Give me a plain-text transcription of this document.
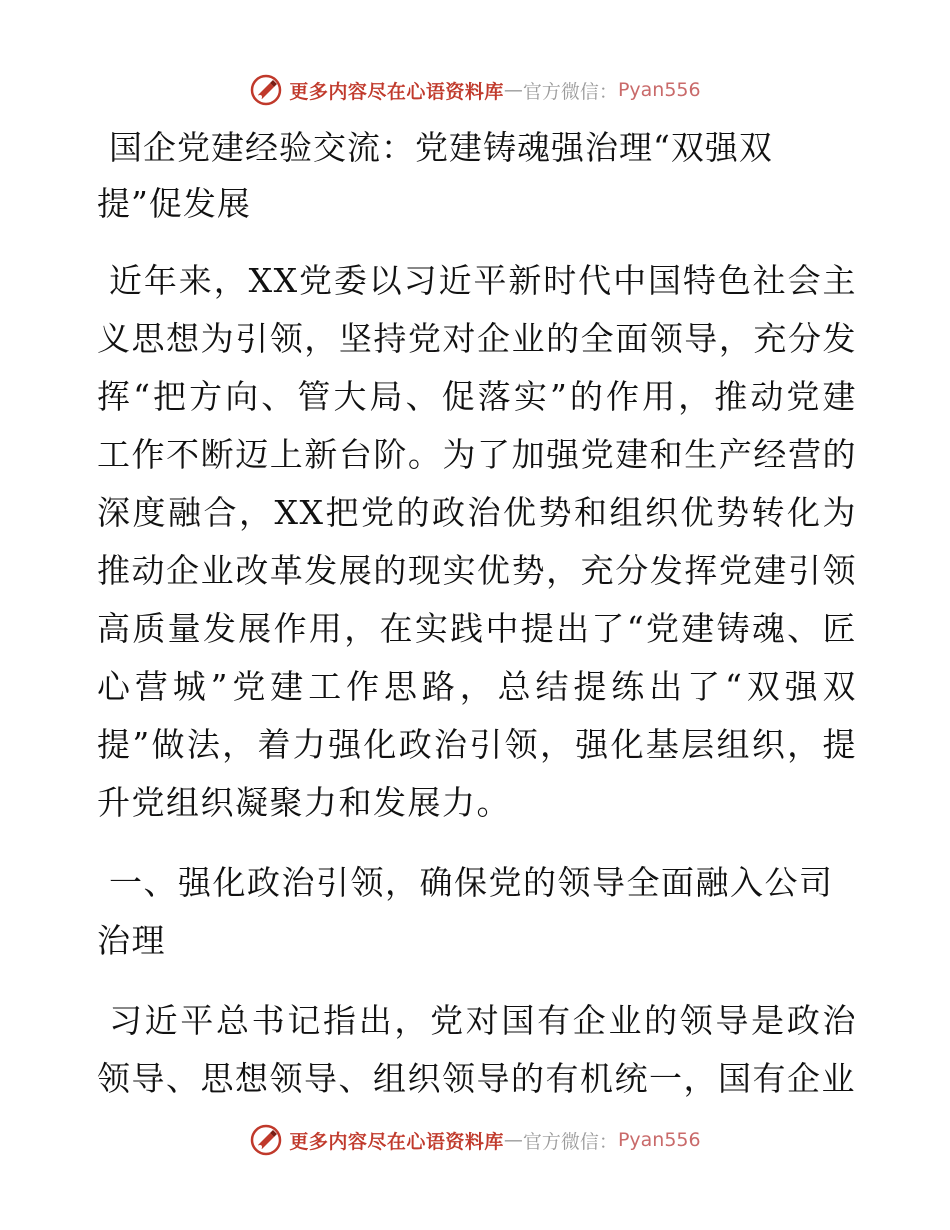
更多内容尽在心语资料库 — 官方微信： Pyan556
国企党建经验交流：党建铸魂强治理“双强双
提”促发展

近年来，XX党委以习近平新时代中国特色社会主义思想为引领，坚持党对企业的全面领导，充分发挥“把方向、管大局、促落实”的作用，推动党建工作不断迈上新台阶。为了加强党建和生产经营的深度融合，XX把党的政治优势和组织优势转化为推动企业改革发展的现实优势，充分发挥党建引领高质量发展作用，在实践中提出了“党建铸魂、匠心营城”党建工作思路，总结提练出了“双强双提”做法，着力强化政治引领，强化基层组织，提升党组织凝聚力和发展力。

一、强化政治引领，确保党的领导全面融入公司
治理

习近平总书记指出，党对国有企业的领导是政治领导、思想领导、组织领导的有机统一，国有企业

更多内容尽在心语资料库 — 官方微信： Pyan556
